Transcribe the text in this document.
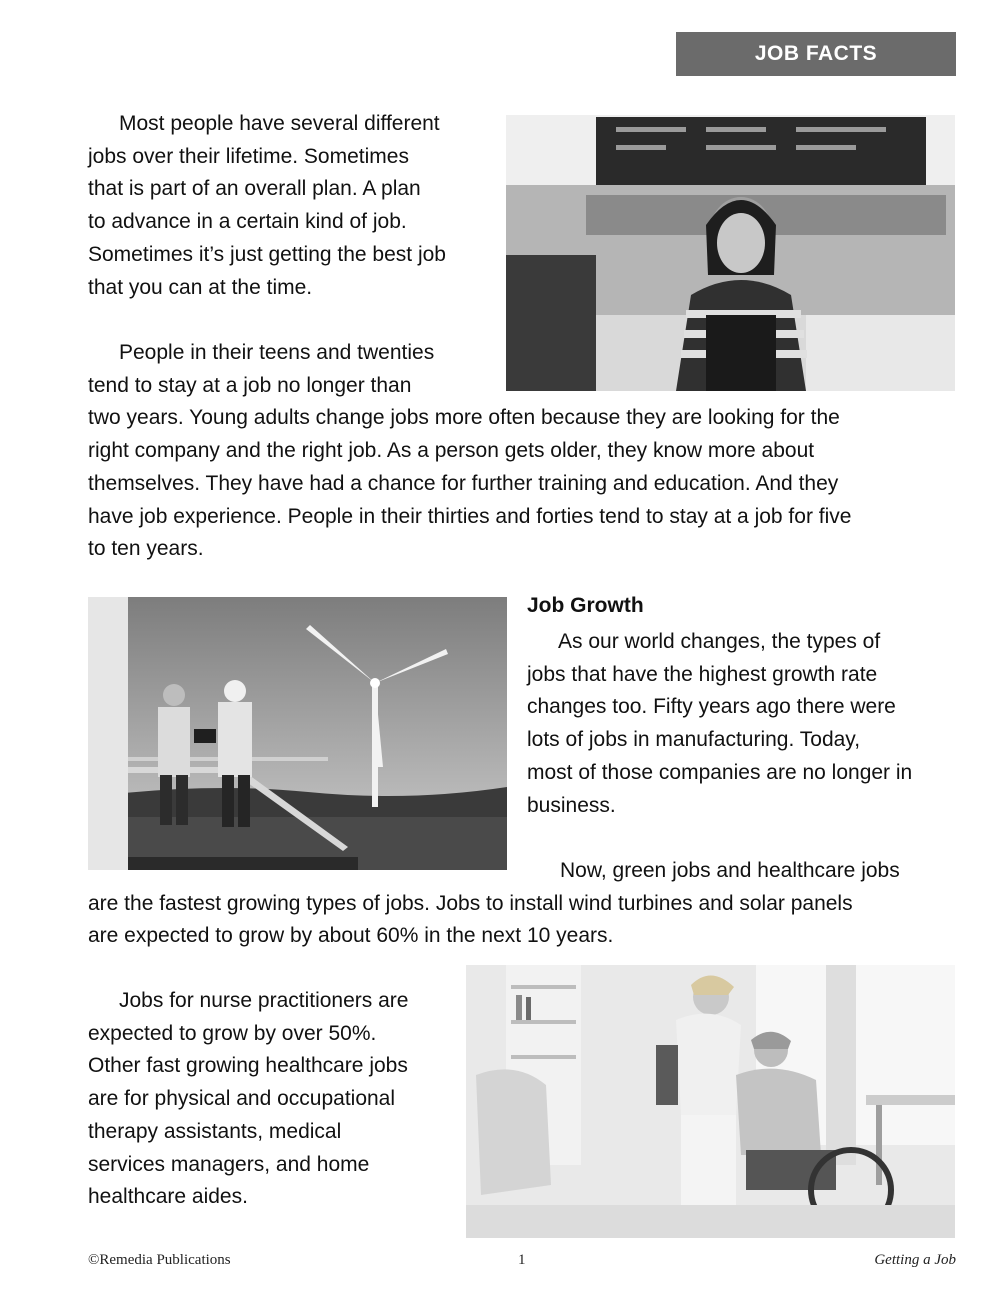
JOB FACTS

Most people have several different
jobs over their lifetime. Sometimes
that is part of an overall plan. A plan
to advance in a certain kind of job.
Sometimes it’s just getting the best job
that you can at the time.

People in their teens and twenties
tend to stay at a job no longer than
two years. Young adults change jobs more often because they are looking for the
right company and the right job. As a person gets older, they know more about
themselves. They have had a chance for further training and education. And they
have job experience. People in their thirties and forties tend to stay at a job for five
to ten years.

Job Growth

As our world changes, the types of
jobs that have the highest growth rate
changes too. Fifty years ago there were
lots of jobs in manufacturing. Today,
most of those companies are no longer in
business.

Now, green jobs and healthcare jobs
are the fastest growing types of jobs. Jobs to install wind turbines and solar panels
are expected to grow by about 60% in the next 10 years.

Jobs for nurse practitioners are
expected to grow by over 50%.
Other fast growing healthcare jobs
are for physical and occupational
therapy assistants, medical
services managers, and home
healthcare aides.

©Remedia Publications	1	Getting a Job
